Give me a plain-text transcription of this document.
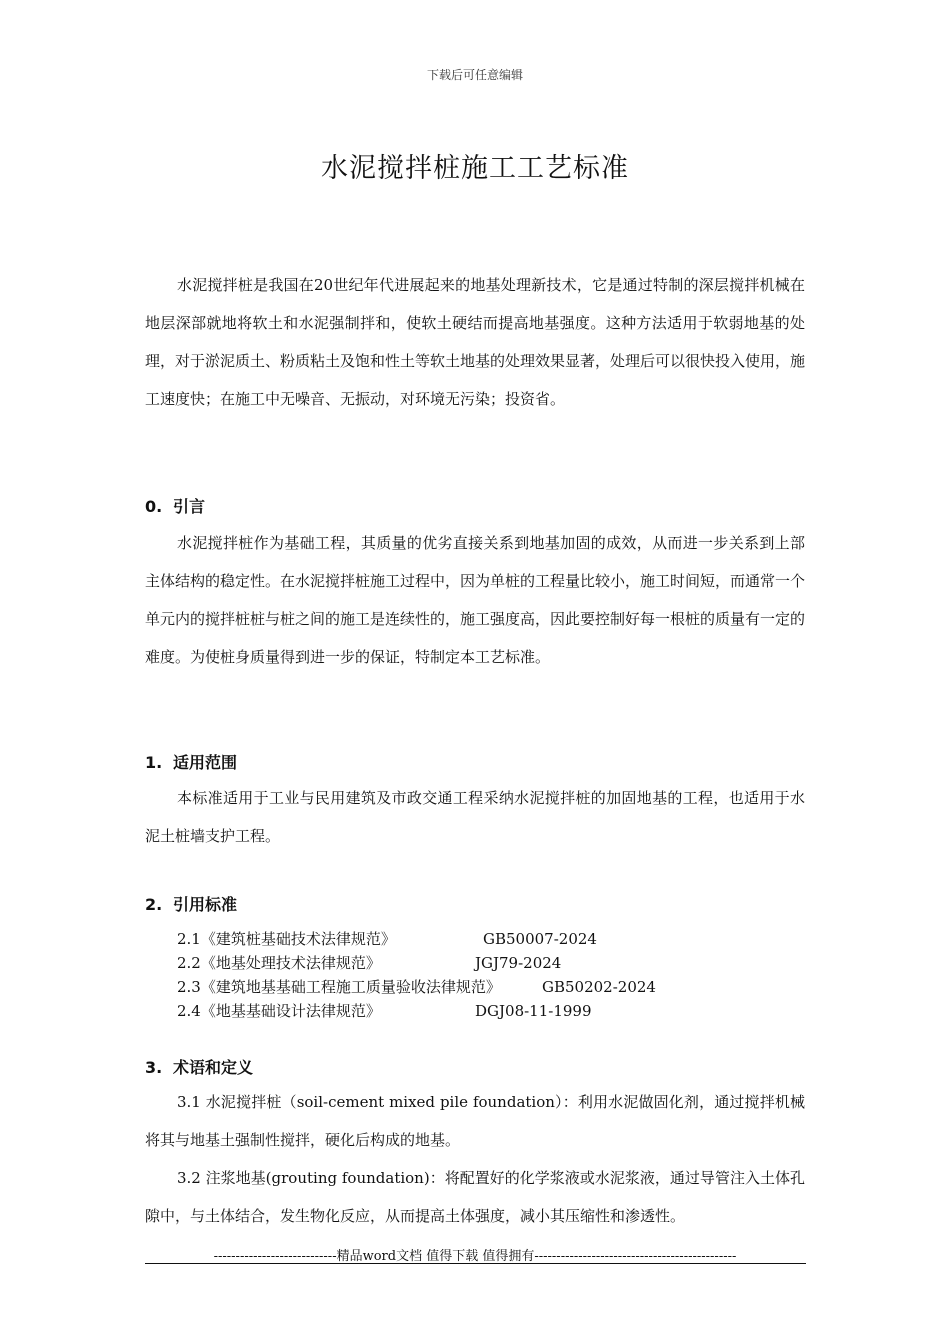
下载后可任意编辑
水泥搅拌桩施工工艺标准

水泥搅拌桩是我国在20世纪年代进展起来的地基处理新技术，它是通过特制的深层搅拌机械在地层深部就地将软土和水泥强制拌和，使软土硬结而提高地基强度。这种方法适用于软弱地基的处理，对于淤泥质土、粉质粘土及饱和性土等软土地基的处理效果显著，处理后可以很快投入使用，施工速度快；在施工中无噪音、无振动，对环境无污染；投资省。

0. 引言

水泥搅拌桩作为基础工程，其质量的优劣直接关系到地基加固的成效，从而进一步关系到上部主体结构的稳定性。在水泥搅拌桩施工过程中，因为单桩的工程量比较小，施工时间短，而通常一个单元内的搅拌桩桩与桩之间的施工是连续性的，施工强度高，因此要控制好每一根桩的质量有一定的难度。为使桩身质量得到进一步的保证，特制定本工艺标准。

1. 适用范围

本标准适用于工业与民用建筑及市政交通工程采纳水泥搅拌桩的加固地基的工程，也适用于水泥土桩墙支护工程。

2. 引用标准
2.1《建筑桩基础技术法律规范》	GB50007-2024
2.2《地基处理技术法律规范》	JGJ79-2024
2.3《建筑地基基础工程施工质量验收法律规范》	GB50202-2024
2.4《地基基础设计法律规范》	DGJ08-11-1999
3. 术语和定义

3.1 水泥搅拌桩（soil-cement mixed pile foundation）：利用水泥做固化剂，通过搅拌机械将其与地基土强制性搅拌，硬化后构成的地基。

3.2 注浆地基(grouting foundation)：将配置好的化学浆液或水泥浆液，通过导管注入土体孔隙中，与土体结合，发生物化反应，从而提高土体强度，减小其压缩性和渗透性。

----------------------------精品word文档 值得下载 值得拥有----------------------------------------------
